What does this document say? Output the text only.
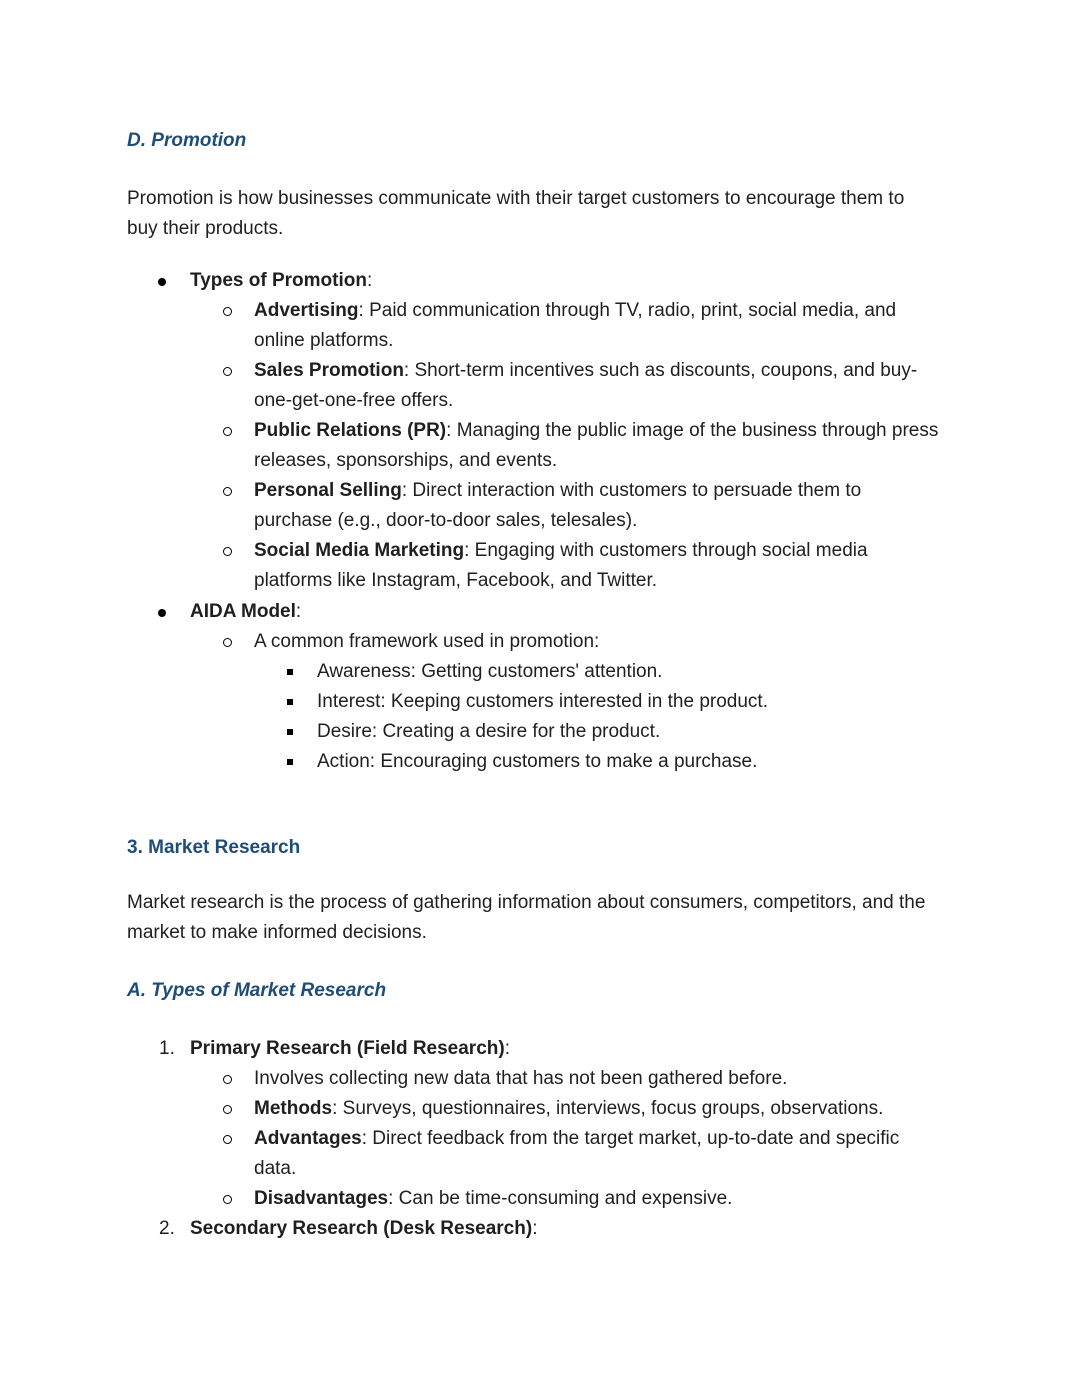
D. Promotion
Promotion is how businesses communicate with their target customers to encourage them to
buy their products.
Types of Promotion:
Advertising: Paid communication through TV, radio, print, social media, and
online platforms.
Sales Promotion: Short-term incentives such as discounts, coupons, and buy-
one-get-one-free offers.
Public Relations (PR): Managing the public image of the business through press
releases, sponsorships, and events.
Personal Selling: Direct interaction with customers to persuade them to
purchase (e.g., door-to-door sales, telesales).
Social Media Marketing: Engaging with customers through social media
platforms like Instagram, Facebook, and Twitter.
AIDA Model:
A common framework used in promotion:
Awareness: Getting customers' attention.
Interest: Keeping customers interested in the product.
Desire: Creating a desire for the product.
Action: Encouraging customers to make a purchase.
3. Market Research
Market research is the process of gathering information about consumers, competitors, and the
market to make informed decisions.
A. Types of Market Research
1. Primary Research (Field Research):
Involves collecting new data that has not been gathered before.
Methods: Surveys, questionnaires, interviews, focus groups, observations.
Advantages: Direct feedback from the target market, up-to-date and specific
data.
Disadvantages: Can be time-consuming and expensive.
2. Secondary Research (Desk Research):
